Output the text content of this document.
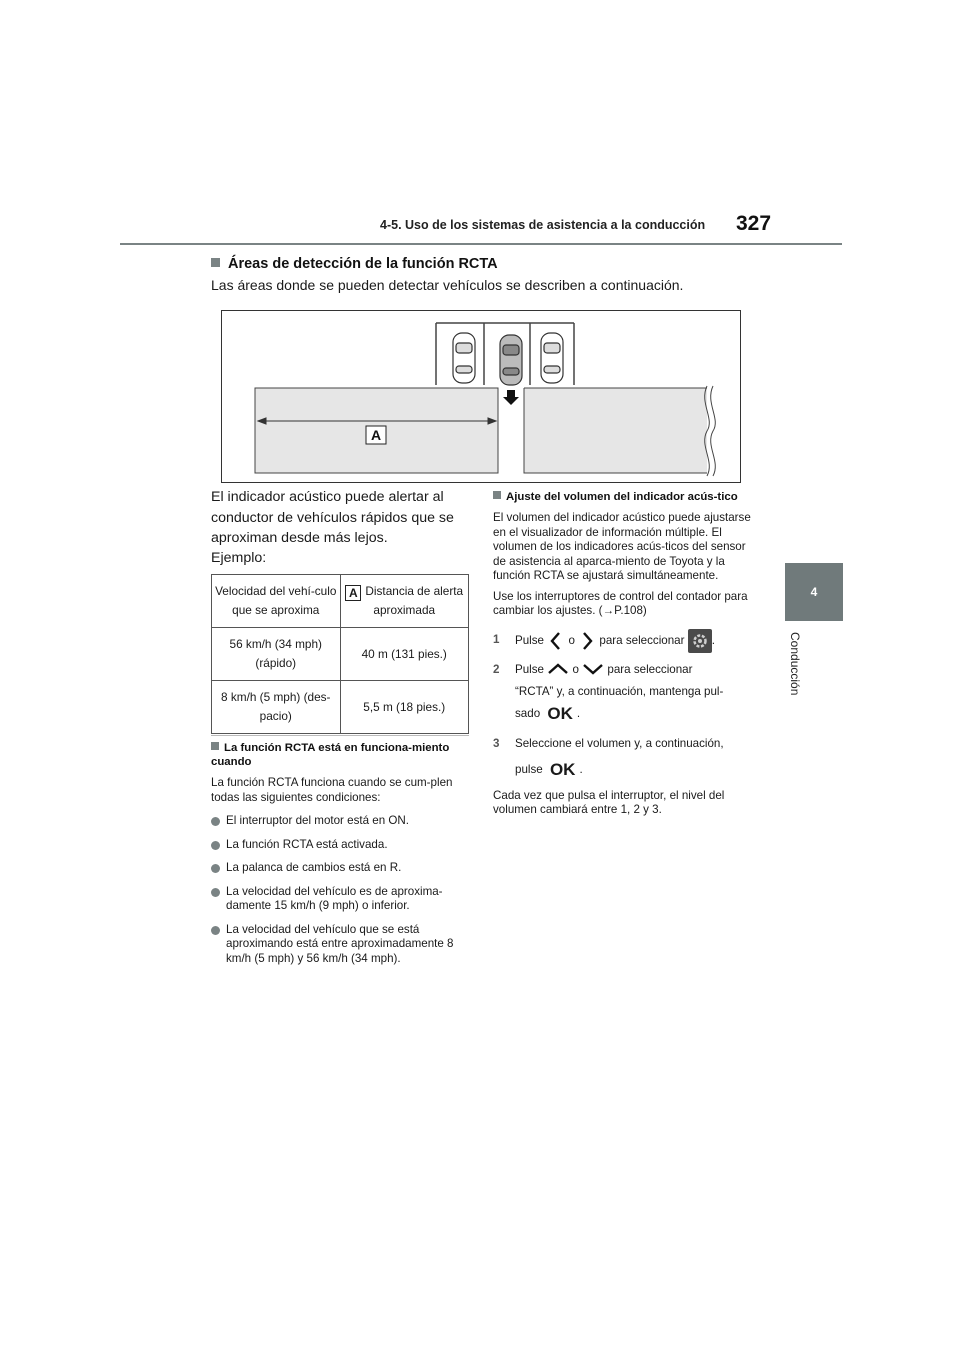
4-5. Uso de los sistemas de asistencia a la conducción 327
4
Conducción
Áreas de detección de la función RCTA
Las áreas donde se pueden detectar vehículos se describen a continuación.
A
El indicador acústico puede alertar al conductor de vehículos rápidos que se aproximan desde más lejos.
Ejemplo:
Velocidad del vehí-culo que se aproxima	A Distancia de alerta aproximada
56 km/h (34 mph) (rápido)	40 m (131 pies.)
8 km/h (5 mph) (des-pacio)	5,5 m (18 pies.)
La función RCTA está en funciona-miento cuando
La función RCTA funciona cuando se cum-plen todas las siguientes condiciones:
El interruptor del motor está en ON.
La función RCTA está activada.
La palanca de cambios está en R.
La velocidad del vehículo es de aproxima-damente 15 km/h (9 mph) o inferior.
La velocidad del vehículo que se está aproximando está entre aproximadamente 8 km/h (5 mph) y 56 km/h (34 mph).
Ajuste del volumen del indicador acús-tico
El volumen del indicador acústico puede ajustarse en el visualizador de información múltiple. El volumen de los indicadores acús-ticos del sensor de asistencia al aparca-miento de Toyota y la función RCTA se ajustará simultáneamente.
Use los interruptores de control del contador para cambiar los ajustes. (→P.108)
1 Pulse o para seleccionar .
2 Pulse o para seleccionar
“RCTA” y, a continuación, mantenga pul-
sado OK .
3 Seleccione el volumen y, a continuación,
pulse OK .
Cada vez que pulsa el interruptor, el nivel del volumen cambiará entre 1, 2 y 3.
